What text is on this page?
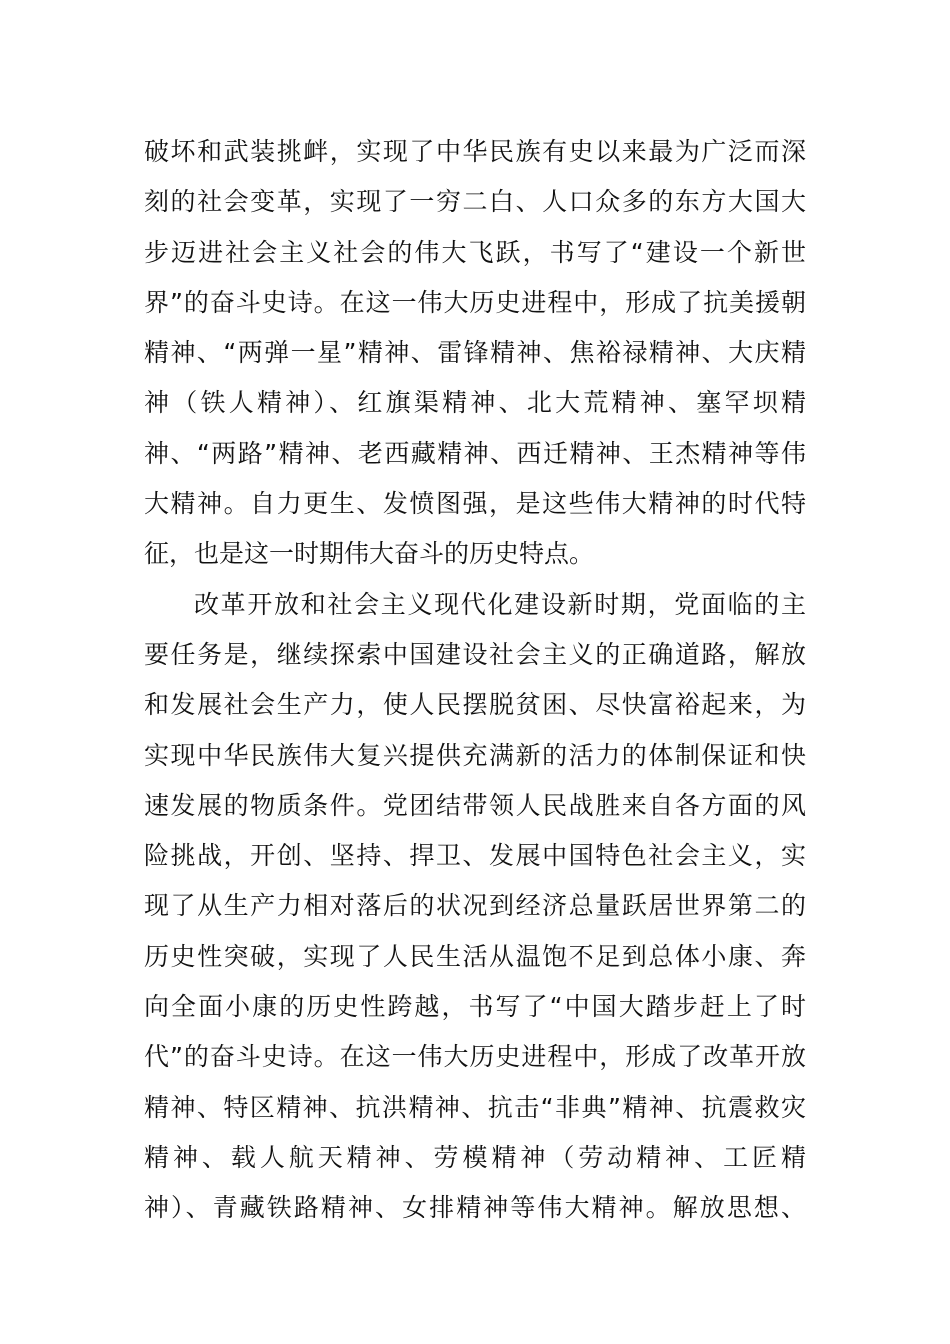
破坏和武装挑衅，实现了中华民族有史以来最为广泛而深
刻的社会变革，实现了一穷二白、人口众多的东方大国大
步迈进社会主义社会的伟大飞跃，书写了“建设一个新世
界”的奋斗史诗。在这一伟大历史进程中，形成了抗美援朝
精神、“两弹一星”精神、雷锋精神、焦裕禄精神、大庆精
神（铁人精神）、红旗渠精神、北大荒精神、塞罕坝精
神、“两路”精神、老西藏精神、西迁精神、王杰精神等伟
大精神。自力更生、发愤图强，是这些伟大精神的时代特
征，也是这一时期伟大奋斗的历史特点。
改革开放和社会主义现代化建设新时期，党面临的主
要任务是，继续探索中国建设社会主义的正确道路，解放
和发展社会生产力，使人民摆脱贫困、尽快富裕起来，为
实现中华民族伟大复兴提供充满新的活力的体制保证和快
速发展的物质条件。党团结带领人民战胜来自各方面的风
险挑战，开创、坚持、捍卫、发展中国特色社会主义，实
现了从生产力相对落后的状况到经济总量跃居世界第二的
历史性突破，实现了人民生活从温饱不足到总体小康、奔
向全面小康的历史性跨越，书写了“中国大踏步赶上了时
代”的奋斗史诗。在这一伟大历史进程中，形成了改革开放
精神、特区精神、抗洪精神、抗击“非典”精神、抗震救灾
精神、载人航天精神、劳模精神（劳动精神、工匠精
神）、青藏铁路精神、女排精神等伟大精神。解放思想、
